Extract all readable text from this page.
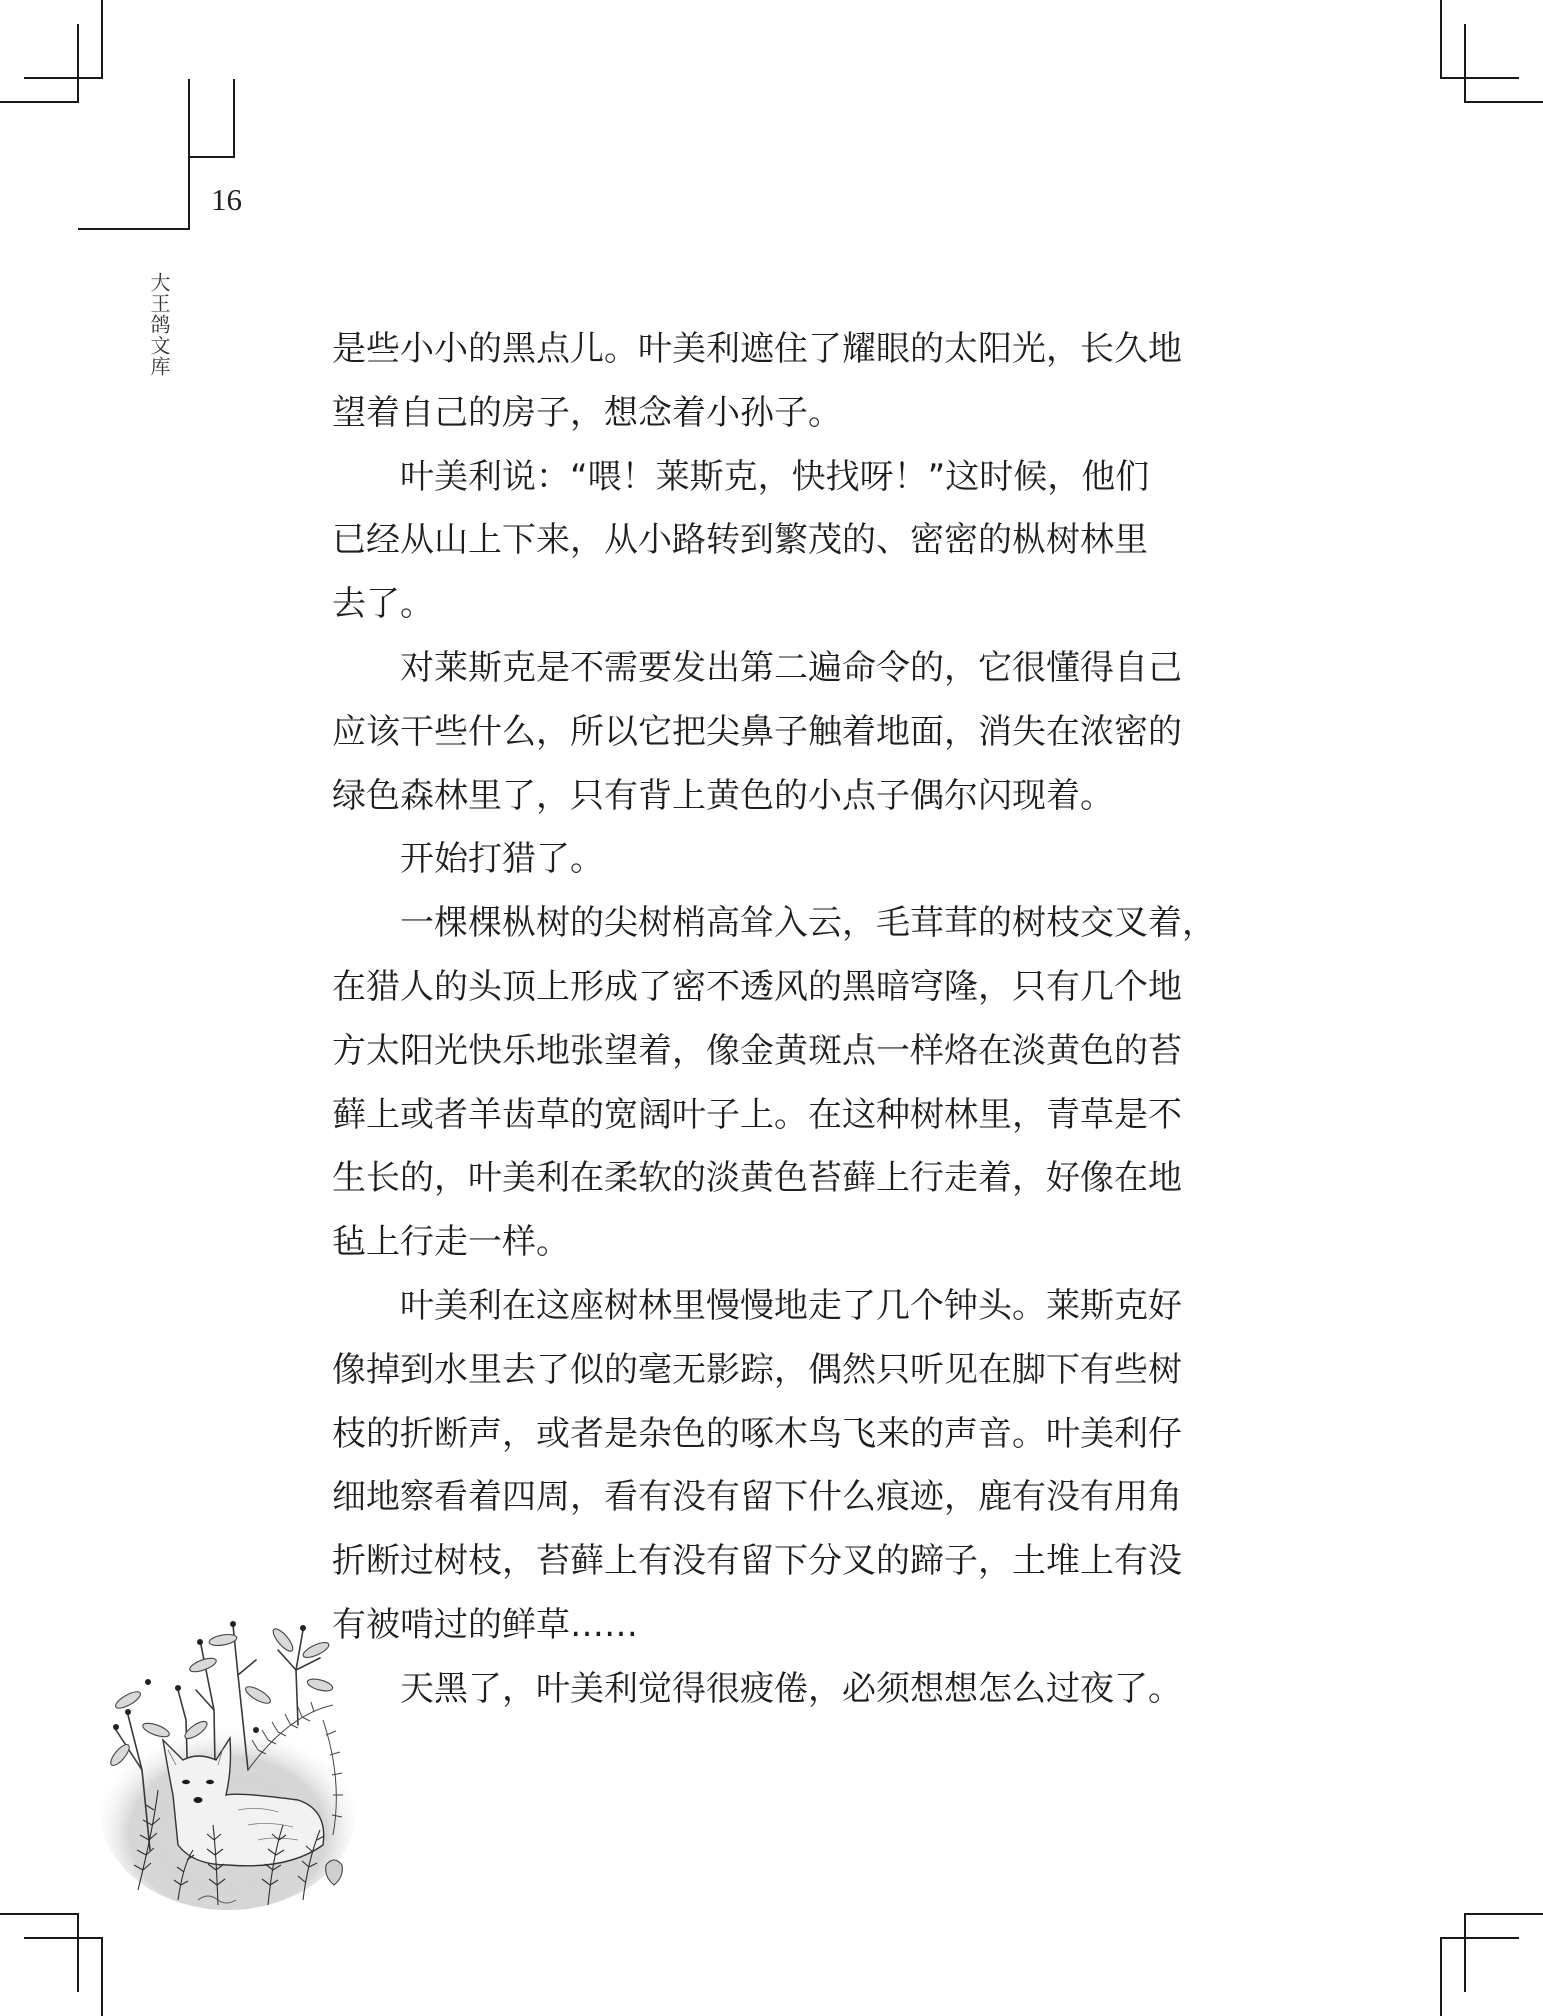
16
大王鸽文库	是些小小的黑点儿。叶美利遮住了耀眼的太阳光，长久地
望着自己的房子，想念着小孙子。
叶美利说：“喂！莱斯克，快找呀！”这时候，他们
已经从山上下来，从小路转到繁茂的、密密的枞树林里
去了。
对莱斯克是不需要发出第二遍命令的，它很懂得自己
应该干些什么，所以它把尖鼻子触着地面，消失在浓密的
绿色森林里了，只有背上黄色的小点子偶尔闪现着。
开始打猎了。
一棵棵枞树的尖树梢高耸入云，毛茸茸的树枝交叉着，
在猎人的头顶上形成了密不透风的黑暗穹隆，只有几个地
方太阳光快乐地张望着，像金黄斑点一样烙在淡黄色的苔
藓上或者羊齿草的宽阔叶子上。在这种树林里，青草是不
生长的，叶美利在柔软的淡黄色苔藓上行走着，好像在地
毡上行走一样。
叶美利在这座树林里慢慢地走了几个钟头。莱斯克好
像掉到水里去了似的毫无影踪，偶然只听见在脚下有些树
枝的折断声，或者是杂色的啄木鸟飞来的声音。叶美利仔
细地察看着四周，看有没有留下什么痕迹，鹿有没有用角
折断过树枝，苔藓上有没有留下分叉的蹄子，土堆上有没
有被啃过的鲜草……
天黑了，叶美利觉得很疲倦，必须想想怎么过夜了。
